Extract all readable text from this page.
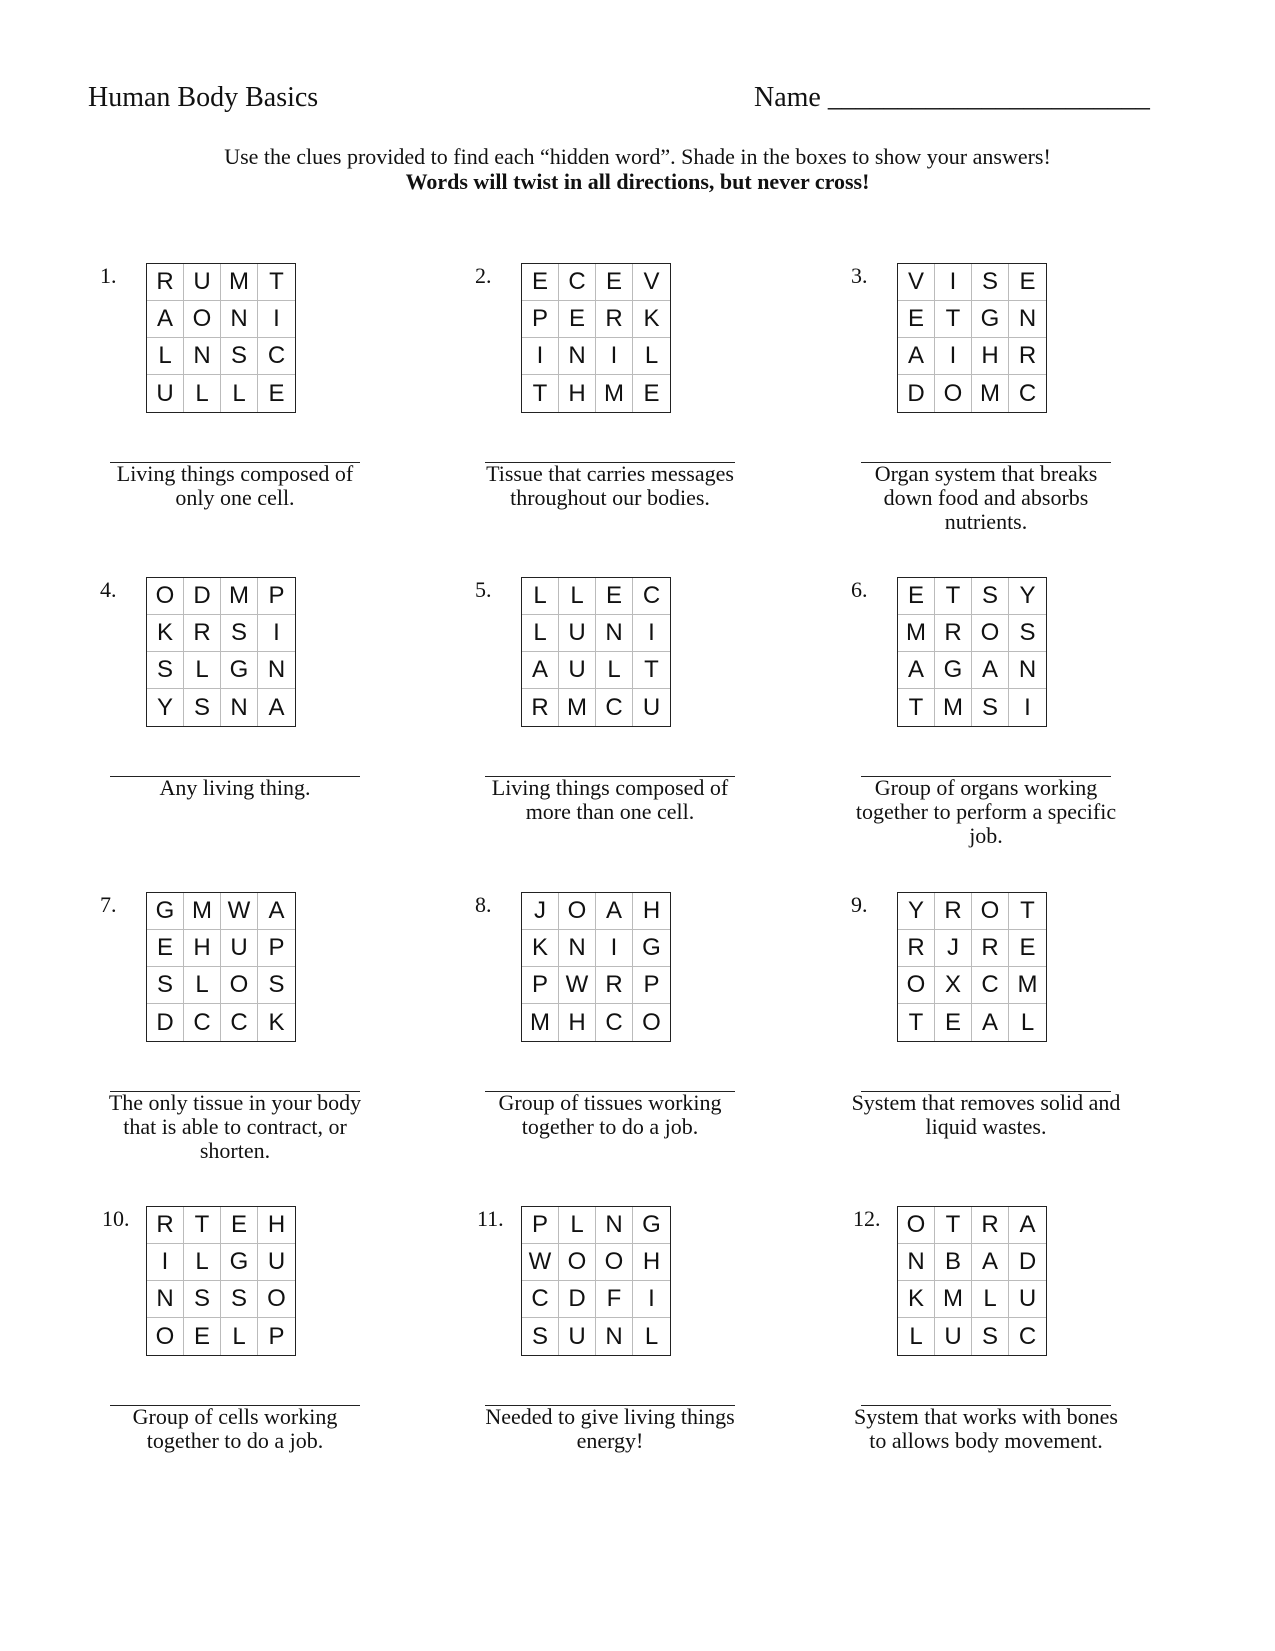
Human Body Basics	Name _______________________
Use the clues provided to find each “hidden word”. Shade in the boxes to show your answers!
Words will twist in all directions, but never cross!
1.	R U M T
A O N	I
L N S C
U L L E
Living things composed of only one cell.
2.	E C E V
P E R K
I	N	I	L
T H M E
Tissue that carries messages throughout our bodies.
3.	V	I	S E
E T G N
A	I	H R
D O M C
Organ system that breaks down food and absorbs nutrients.
4.	O D M P
K R S	I
S L G N
Y S N A
Any living thing.
5.	L L E C
L U N	I
A U L T
R M C U
Living things composed of more than one cell.
6.	E T S Y
M R O S
A G A N
T M S	I
Group of organs working together to perform a specific job.
7.	G M W A
E H U P
S L O S
D C C K
The only tissue in your body that is able to contract, or shorten.
8.	J O A H
K N	I	G
P W R P
M H C O
Group of tissues working together to do a job.
9.	Y R O T
R J R E
O X C M
T E A L
System that removes solid and liquid wastes.
10.	R T E H
I	L G U
N S S O
O E L P
Group of cells working together to do a job.
11.	P L N G
W O O H
C D F	I
S U N L
Needed to give living things energy!
12.	O T R A
N B A D
K M L U
L U S C
System that works with bones to allows body movement.
